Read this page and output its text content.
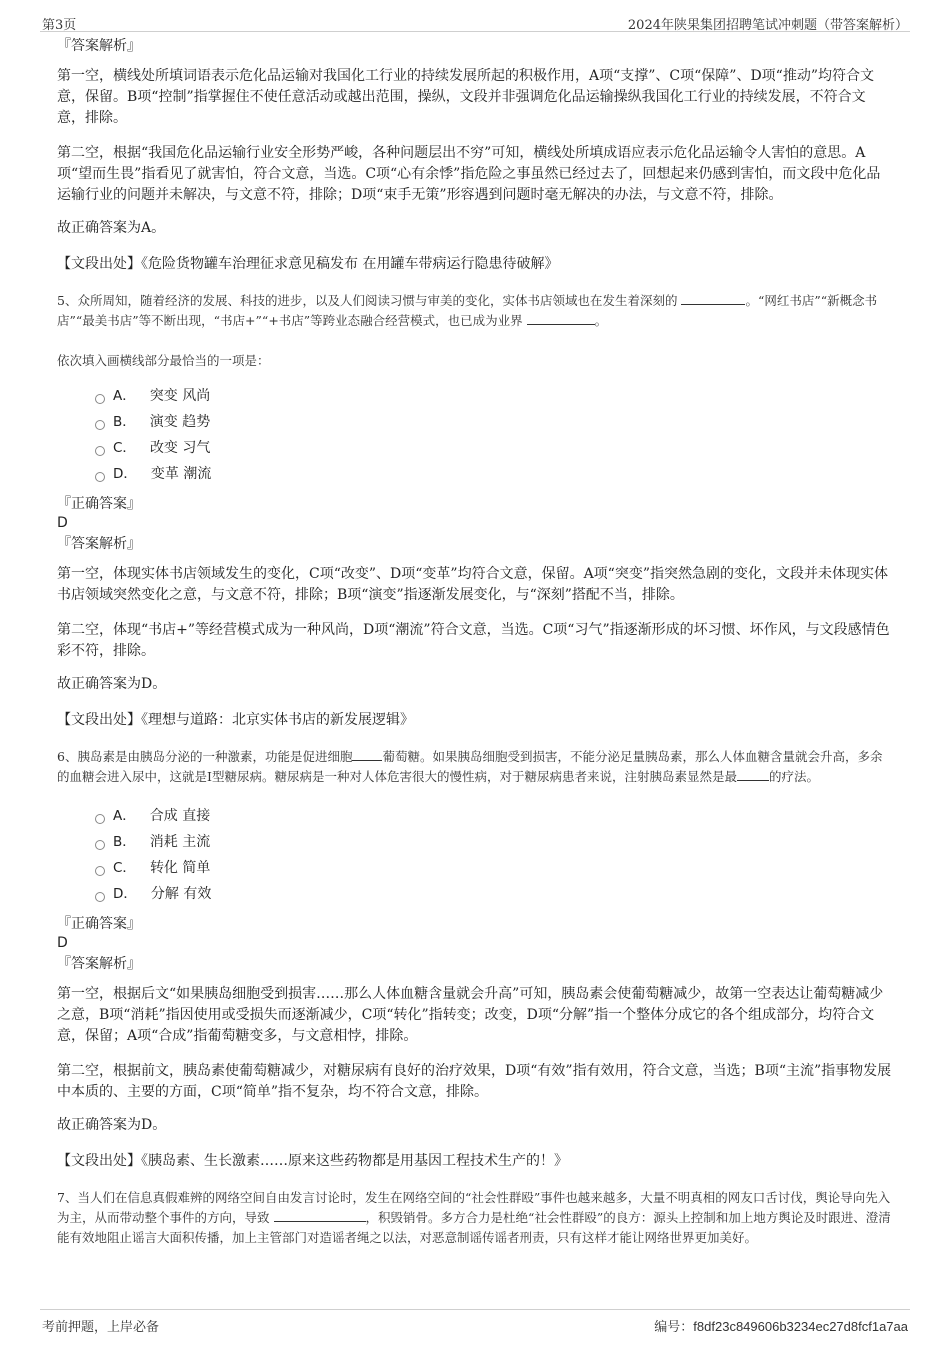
第3页	2024年陕果集团招聘笔试冲刺题（带答案解析）
『答案解析』

第一空，横线处所填词语表示危化品运输对我国化工行业的持续发展所起的积极作用，A项“支撑”、C项“保障”、D项“推动”均符合文意，保留。B项“控制”指掌握住不使任意活动或越出范围，操纵，文段并非强调危化品运输操纵我国化工行业的持续发展，不符合文意，排除。

第二空，根据“我国危化品运输行业安全形势严峻，各种问题层出不穷”可知，横线处所填成语应表示危化品运输令人害怕的意思。A项“望而生畏”指看见了就害怕，符合文意，当选。C项“心有余悸”指危险之事虽然已经过去了，回想起来仍感到害怕，而文段中危化品运输行业的问题并未解决，与文意不符，排除；D项“束手无策”形容遇到问题时毫无解决的办法，与文意不符，排除。

故正确答案为A。

【文段出处】《危险货物罐车治理征求意见稿发布 在用罐车带病运行隐患待破解》

5、众所周知，随着经济的发展、科技的进步，以及人们阅读习惯与审美的变化，实体书店领域也在发生着深刻的	。“网红书店”“新概念书店”“最美书店”等不断出现，“书店+”“+书店”等跨业态融合经营模式，也已成为业界	。

依次填入画横线部分最恰当的一项是：

A． 突变 风尚
B． 演变 趋势
C． 改变 习气
D． 变革 潮流
『正确答案』
D
『答案解析』

第一空，体现实体书店领域发生的变化，C项“改变”、D项“变革”均符合文意，保留。A项“突变”指突然急剧的变化，文段并未体现实体书店领域突然变化之意，与文意不符，排除；B项“演变”指逐渐发展变化，与“深刻”搭配不当，排除。

第二空，体现“书店+”等经营模式成为一种风尚，D项“潮流”符合文意，当选。C项“习气”指逐渐形成的坏习惯、坏作风，与文段感情色彩不符，排除。

故正确答案为D。

【文段出处】《理想与道路：北京实体书店的新发展逻辑》

6、胰岛素是由胰岛分泌的一种激素，功能是促进细胞 葡萄糖。如果胰岛细胞受到损害，不能分泌足量胰岛素，那么人体血糖含量就会升高，多余的血糖会进入尿中，这就是I型糖尿病。糖尿病是一种对人体危害很大的慢性病，对于糖尿病患者来说，注射胰岛素显然是最	的疗法。

A． 合成 直接
B． 消耗 主流
C． 转化 简单
D． 分解 有效
『正确答案』
D
『答案解析』

第一空，根据后文“如果胰岛细胞受到损害……那么人体血糖含量就会升高”可知，胰岛素会使葡萄糖减少，故第一空表达让葡萄糖减少之意，B项“消耗”指因使用或受损失而逐渐减少，C项“转化”指转变；改变，D项“分解”指一个整体分成它的各个组成部分，均符合文意，保留；A项“合成”指葡萄糖变多，与文意相悖，排除。

第二空，根据前文，胰岛素使葡萄糖减少，对糖尿病有良好的治疗效果，D项“有效”指有效用，符合文意，当选；B项“主流”指事物发展中本质的、主要的方面，C项“简单”指不复杂，均不符合文意，排除。

故正确答案为D。

【文段出处】《胰岛素、生长激素……原来这些药物都是用基因工程技术生产的！》

7、当人们在信息真假难辨的网络空间自由发言讨论时，发生在网络空间的“社会性群殴”事件也越来越多，大量不明真相的网友口舌讨伐，舆论导向先入为主，从而带动整个事件的方向，导致	，积毁销骨。多方合力是杜绝“社会性群殴”的良方：源头上控制和加上地方舆论及时跟进、澄清能有效地阻止谣言大面积传播，加上主管部门对造谣者绳之以法，对恶意制谣传谣者刑责，只有这样才能让网络世界更加美好。

考前押题，上岸必备	编号：f8df23c849606b3234ec27d8fcf1a7aa
